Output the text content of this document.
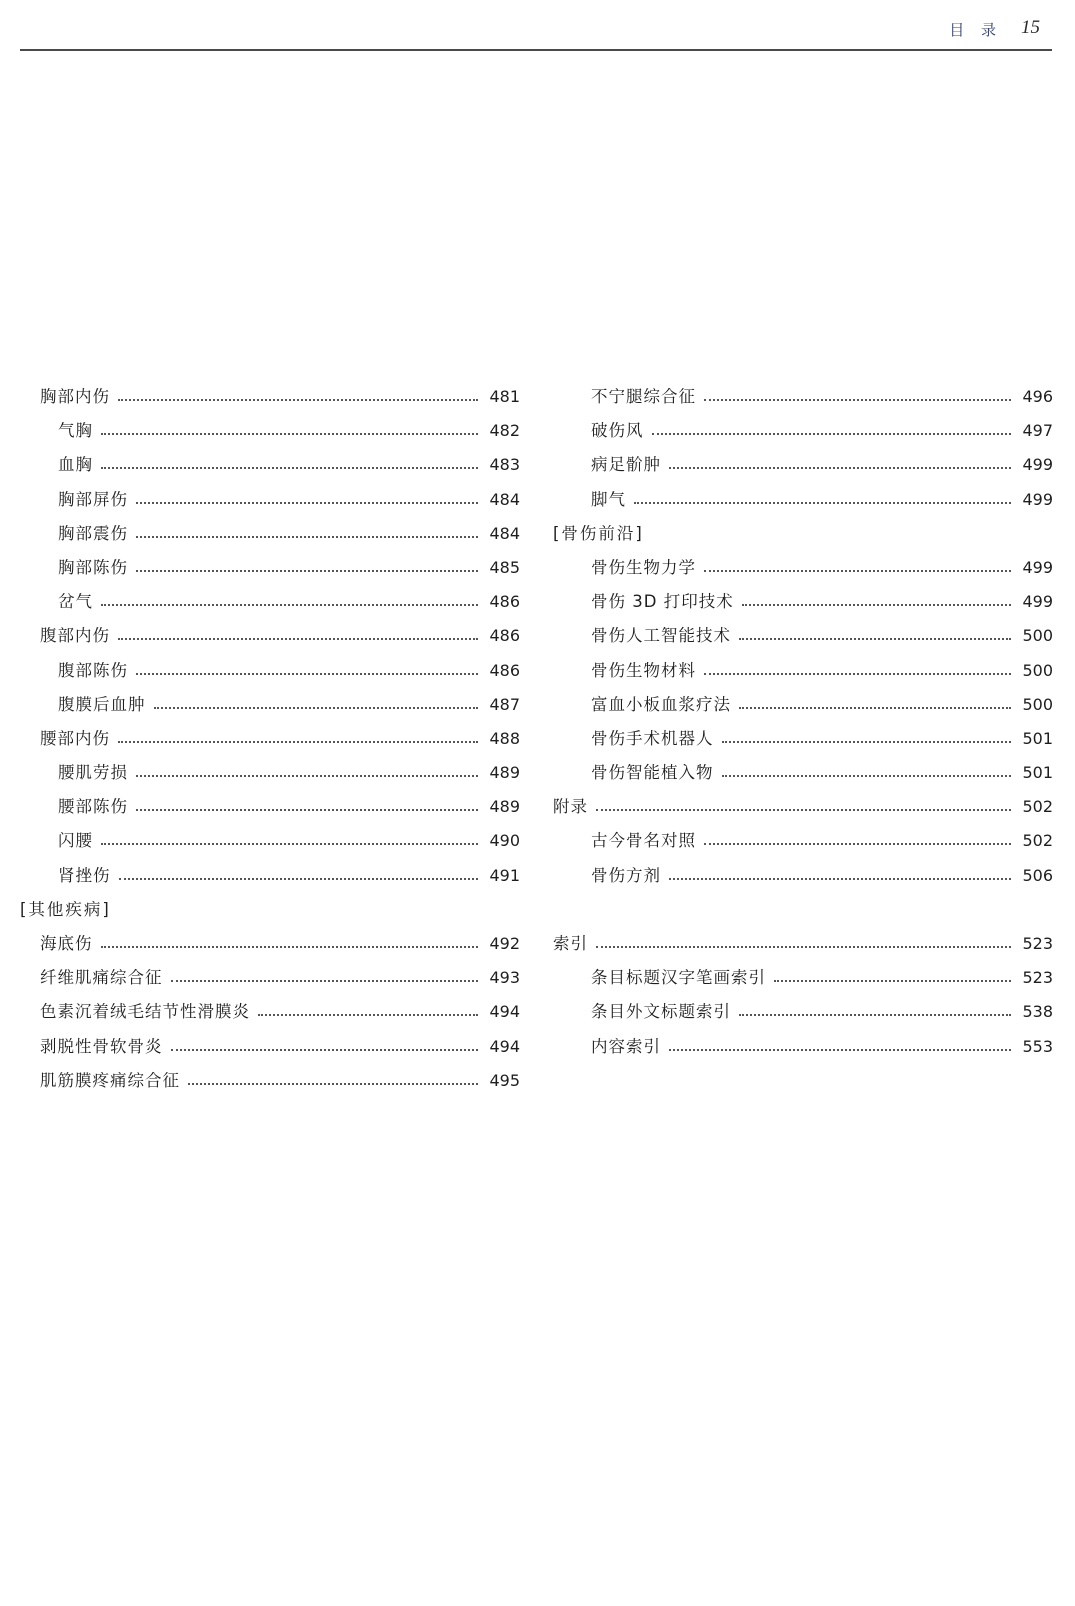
目 录 15
胸部内伤	481
气胸	482
血胸	483
胸部屏伤	484
胸部震伤	484
胸部陈伤	485
岔气	486
腹部内伤	486
腹部陈伤	486
腹膜后血肿	487
腰部内伤	488
腰肌劳损	489
腰部陈伤	489
闪腰	490
肾挫伤	491
[其他疾病]
海底伤	492
纤维肌痛综合征	493
色素沉着绒毛结节性滑膜炎	494
剥脱性骨软骨炎	494
肌筋膜疼痛综合征	495
不宁腿综合征	496
破伤风	497
病足骱肿	499
脚气	499
[骨伤前沿]
骨伤生物力学	499
骨伤 3D 打印技术	499
骨伤人工智能技术	500
骨伤生物材料	500
富血小板血浆疗法	500
骨伤手术机器人	501
骨伤智能植入物	501
附录	502
古今骨名对照	502
骨伤方剂	506
索引	523
条目标题汉字笔画索引	523
条目外文标题索引	538
内容索引	553
